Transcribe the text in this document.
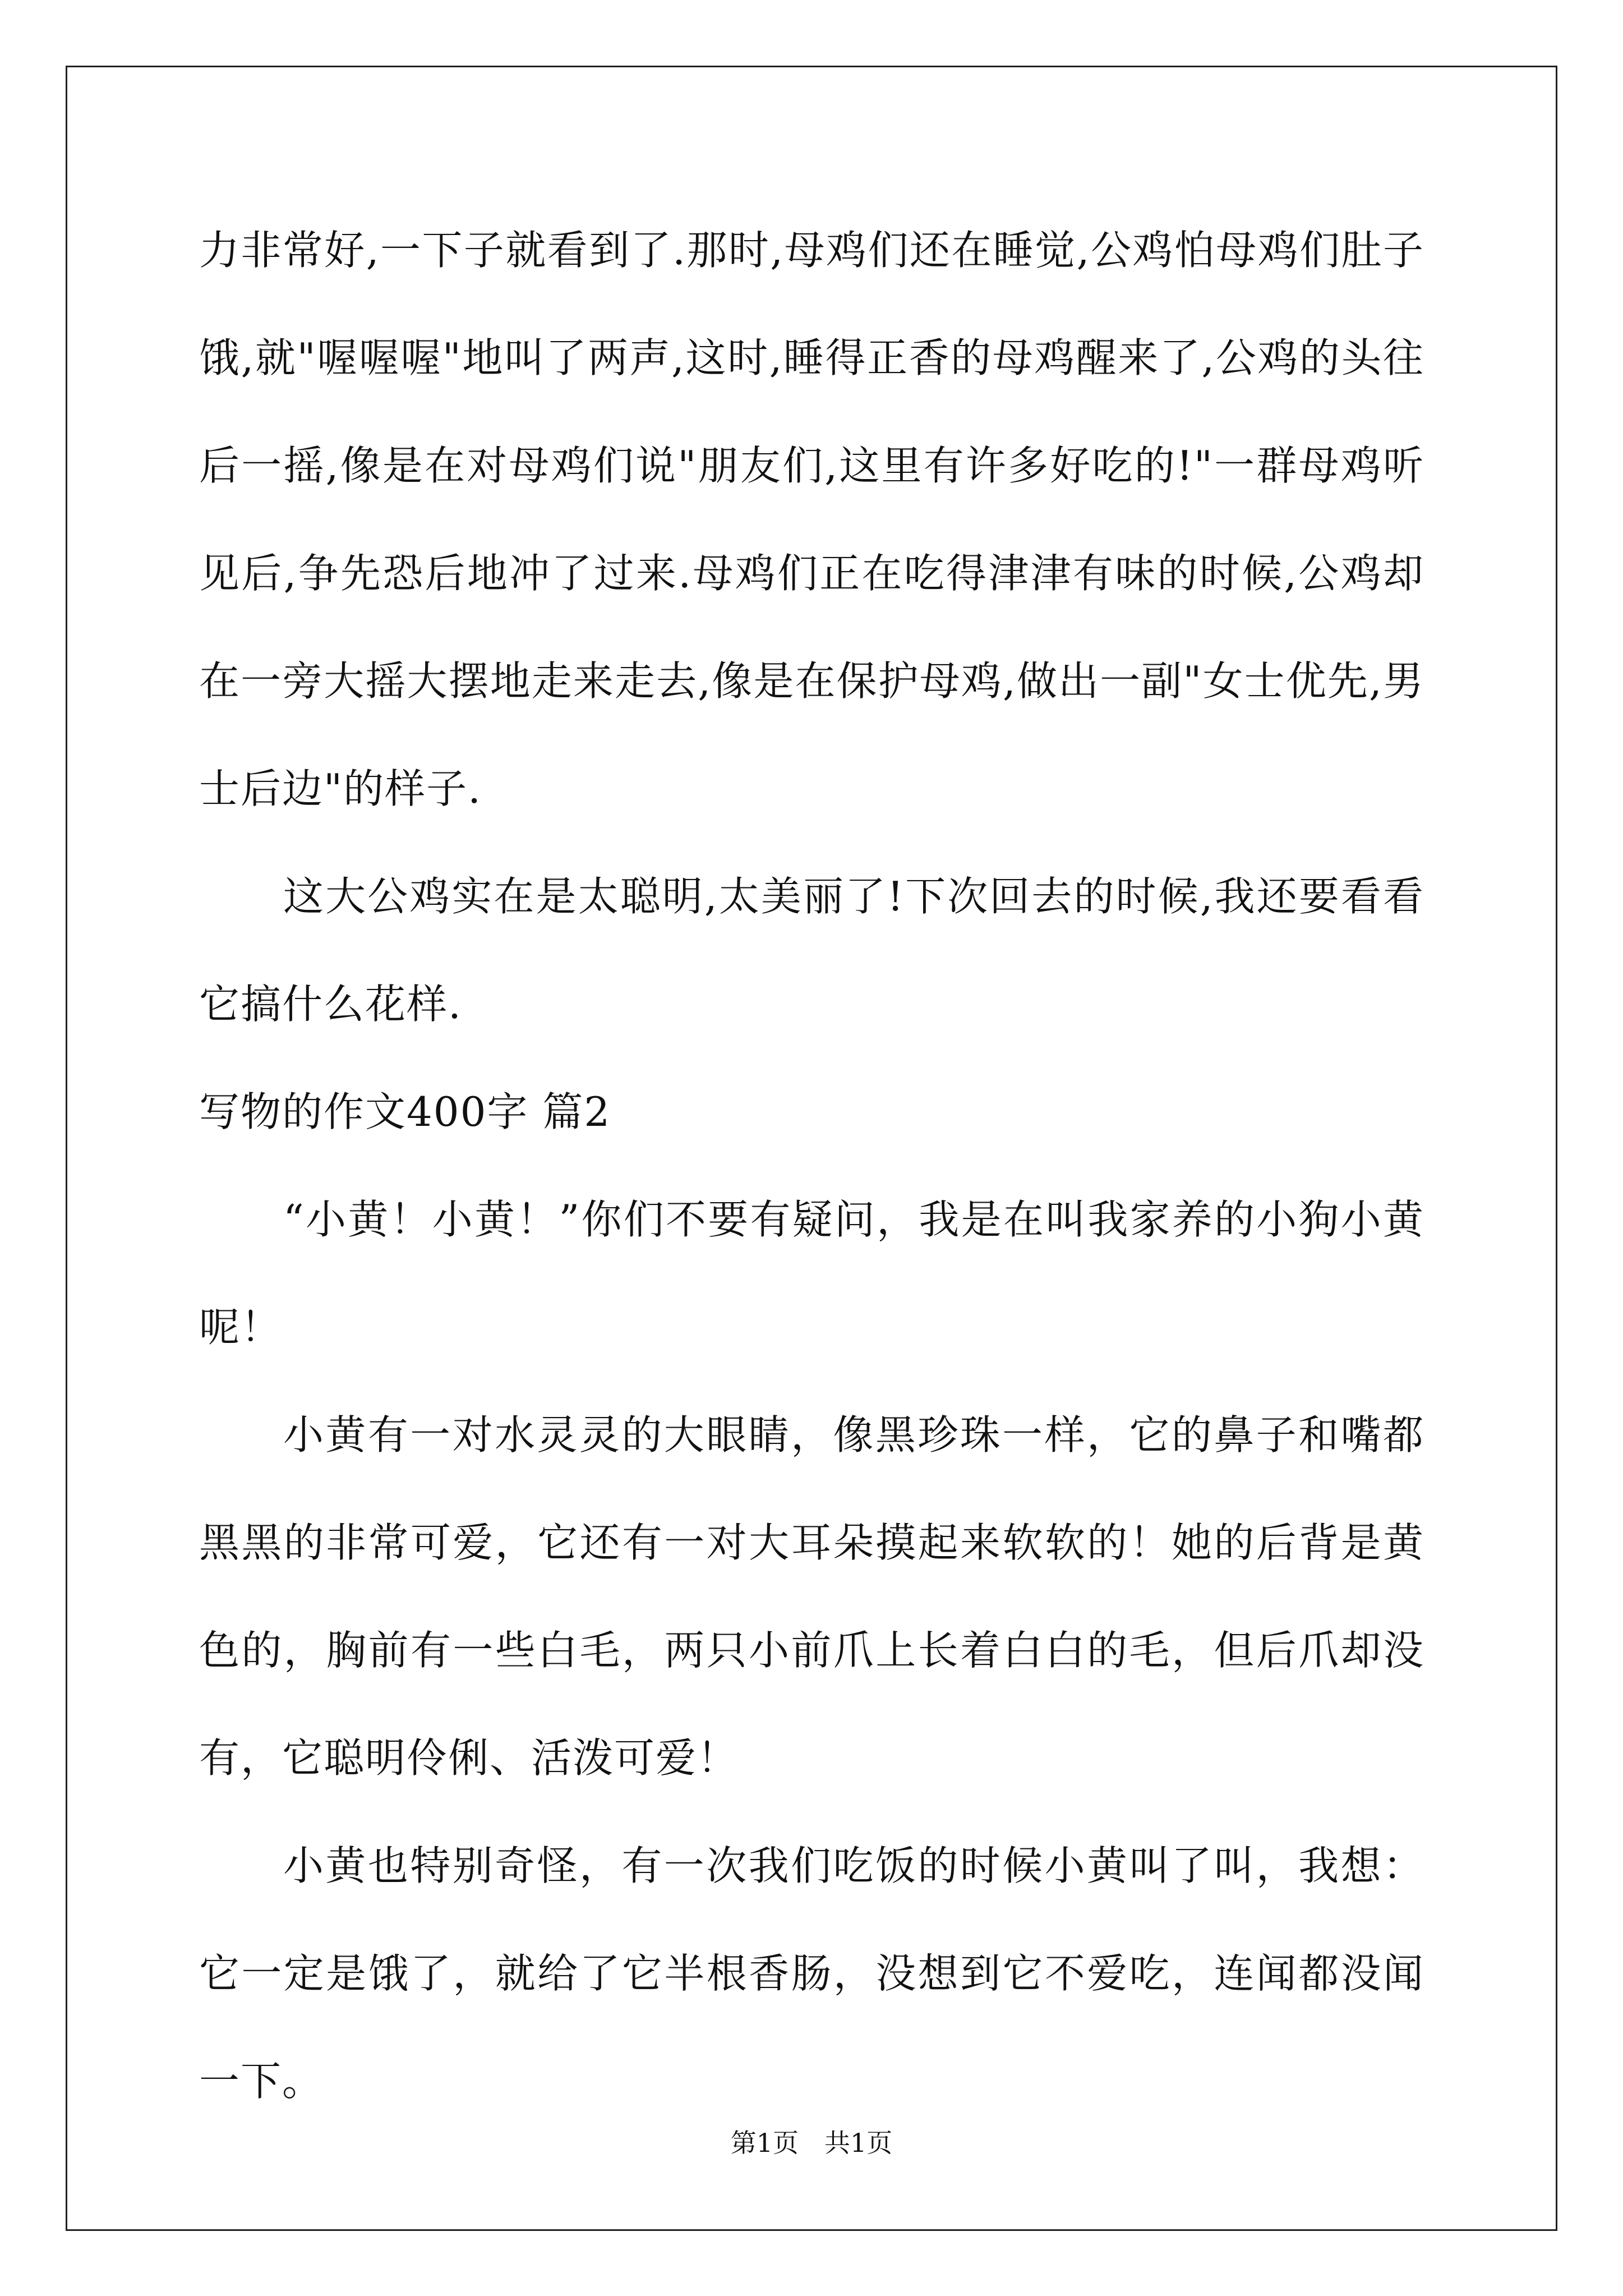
力非常好,一下子就看到了.那时,母鸡们还在睡觉,公鸡怕母鸡们肚子饿,就"喔喔喔"地叫了两声,这时,睡得正香的母鸡醒来了,公鸡的头往后一摇,像是在对母鸡们说"朋友们,这里有许多好吃的!"一群母鸡听见后,争先恐后地冲了过来.母鸡们正在吃得津津有味的时候,公鸡却在一旁大摇大摆地走来走去,像是在保护母鸡,做出一副"女士优先,男士后边"的样子.

这大公鸡实在是太聪明,太美丽了!下次回去的时候,我还要看看它搞什么花样.

写物的作文400字 篇2

“小黄！小黄！”你们不要有疑问，我是在叫我家养的小狗小黄呢！

小黄有一对水灵灵的大眼睛，像黑珍珠一样，它的鼻子和嘴都黑黑的非常可爱，它还有一对大耳朵摸起来软软的！她的后背是黄色的，胸前有一些白毛，两只小前爪上长着白白的毛，但后爪却没有，它聪明伶俐、活泼可爱！

小黄也特别奇怪，有一次我们吃饭的时候小黄叫了叫，我想：它一定是饿了，就给了它半根香肠，没想到它不爱吃，连闻都没闻一下。

第1页　共1页
